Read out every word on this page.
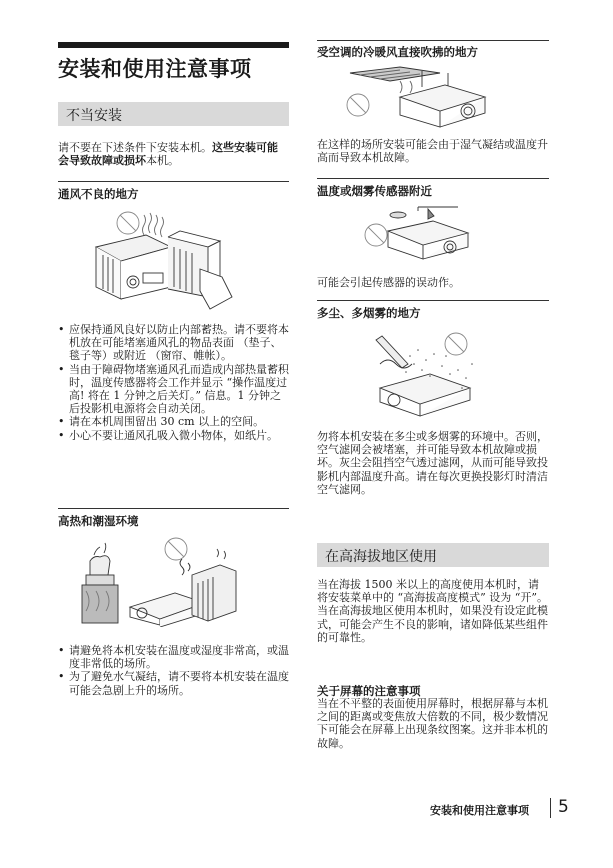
安装和使用注意事项
不当安装
请不要在下述条件下安装本机。这些安装可能会导致故障或损坏本机。
通风不良的地方
• 应保持通风良好以防止内部蓄热。请不要将本机放在可能堵塞通风孔的物品表面 （垫子、毯子等）或附近 （窗帘、帷帐）。
• 当由于障碍物堵塞通风孔而造成内部热量蓄积时，温度传感器将会工作并显示 “操作温度过高! 将在 1 分钟之后关灯。” 信息。1 分钟之后投影机电源将会自动关闭。
• 请在本机周围留出 30 cm 以上的空间。
• 小心不要让通风孔吸入微小物体，如纸片。
高热和潮湿环境
• 请避免将本机安装在温度或湿度非常高，或温度非常低的场所。
• 为了避免水气凝结，请不要将本机安装在温度可能会急剧上升的场所。
受空调的冷暖风直接吹拂的地方
在这样的场所安装可能会由于湿气凝结或温度升高而导致本机故障。
温度或烟雾传感器附近
可能会引起传感器的误动作。
多尘、多烟雾的地方
勿将本机安装在多尘或多烟雾的环境中。否则，空气滤网会被堵塞，并可能导致本机故障或损坏。灰尘会阻挡空气透过滤网，从而可能导致投影机内部温度升高。请在每次更换投影灯时清洁空气滤网。
在高海拔地区使用
当在海拔 1500 米以上的高度使用本机时，请将安装菜单中的 “高海拔高度模式” 设为 “开”。当在高海拔地区使用本机时，如果没有设定此模式，可能会产生不良的影响，诸如降低某些组件的可靠性。
关于屏幕的注意事项
当在不平整的表面使用屏幕时，根据屏幕与本机之间的距离或变焦放大倍数的不同，极少数情况下可能会在屏幕上出现条纹图案。这并非本机的故障。
安装和使用注意事项 5
